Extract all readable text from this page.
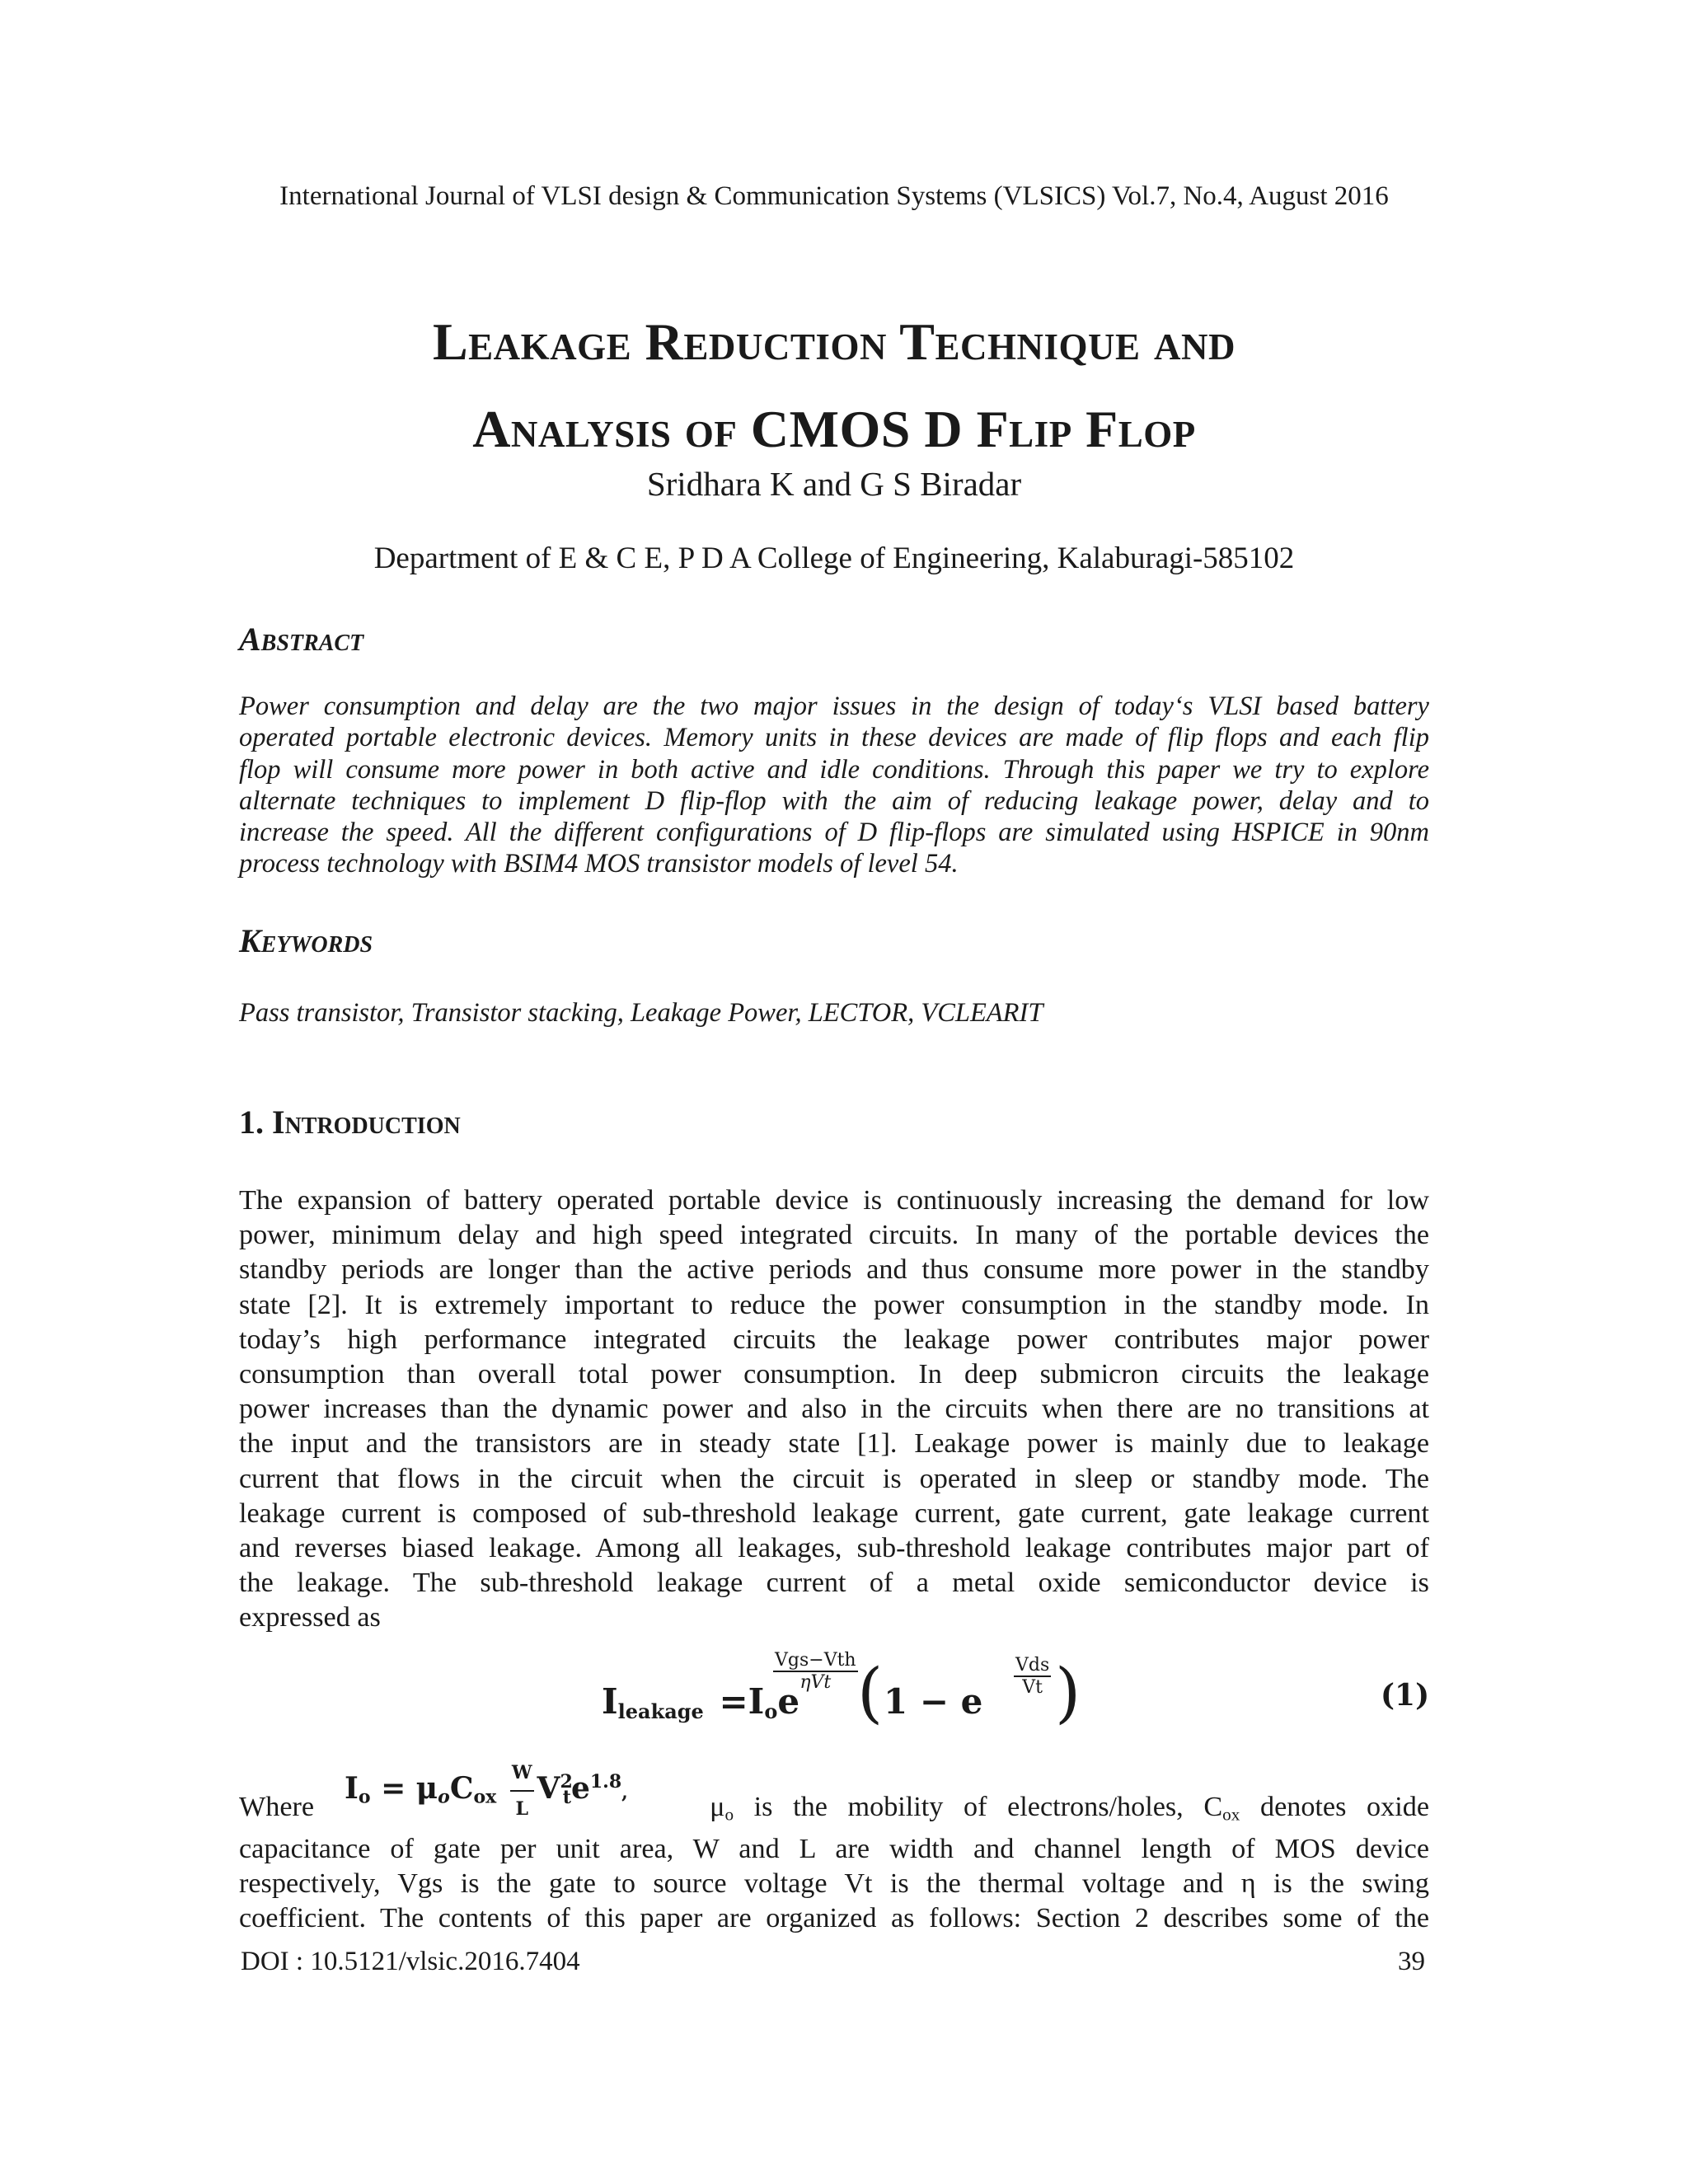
International Journal of VLSI design & Communication Systems (VLSICS) Vol.7, No.4, August 2016
Leakage Reduction Technique and
Analysis of CMOS D Flip Flop
Sridhara K and G S Biradar
Department of E & C E, P D A College of Engineering, Kalaburagi-585102
Abstract
Power consumption and delay are the two major issues in the design of today‘s VLSI based battery
operated portable electronic devices. Memory units in these devices are made of flip flops and each flip
flop will consume more power in both active and idle conditions. Through this paper we try to explore
alternate techniques to implement D flip-flop with the aim of reducing leakage power, delay and to
increase the speed. All the different configurations of D flip-flops are simulated using HSPICE in 90nm
process technology with BSIM4 MOS transistor models of level 54.
Keywords
Pass transistor, Transistor stacking, Leakage Power, LECTOR, VCLEARIT
1. Introduction
The expansion of battery operated portable device is continuously increasing the demand for low
power, minimum delay and high speed integrated circuits. In many of the portable devices the
standby periods are longer than the active periods and thus consume more power in the standby
state [2]. It is extremely important to reduce the power consumption in the standby mode. In
today’s high performance integrated circuits the leakage power contributes major power
consumption than overall total power consumption. In deep submicron circuits the leakage
power increases than the dynamic power and also in the circuits when there are no transitions at
the input and the transistors are in steady state [1]. Leakage power is mainly due to leakage
current that flows in the circuit when the circuit is operated in sleep or standby mode. The
leakage current is composed of sub-threshold leakage current, gate current, gate leakage current
and reverses biased leakage. Among all leakages, sub-threshold leakage contributes major part of
the leakage. The sub-threshold leakage current of a metal oxide semiconductor device is
expressed as
$I_{leakage} =I_oe$
Vgs−Vth
ηVt ( 1 − e
Vds
Vt )	(1)
$I_o = \mu_oC_{ox} \frac{W}{L} V^2_te^{1.8}$,
Where	$\mu_o$ is the mobility of electrons/holes, $C_{ox}$ denotes oxide
capacitance of gate per unit area, W and L are width and channel length of MOS device
respectively, Vgs is the gate to source voltage Vt is the thermal voltage and η is the swing
coefficient. The contents of this paper are organized as follows: Section 2 describes some of the
DOI : 10.5121/vlsic.2016.7404	39
